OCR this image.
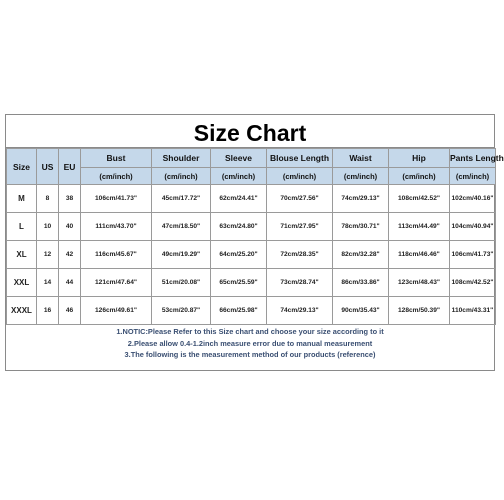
Size Chart
Size	US	EU	Bust	Shoulder	Sleeve	Blouse Length	Waist	Hip	Pants Length
			(cm/inch)	(cm/inch)	(cm/inch)	(cm/inch)	(cm/inch)	(cm/inch)	(cm/inch)
M	8	38	106cm/41.73"	45cm/17.72"	62cm/24.41"	70cm/27.56"	74cm/29.13"	108cm/42.52"	102cm/40.16"
L	10	40	111cm/43.70"	47cm/18.50"	63cm/24.80"	71cm/27.95"	78cm/30.71"	113cm/44.49"	104cm/40.94"
XL	12	42	116cm/45.67"	49cm/19.29"	64cm/25.20"	72cm/28.35"	82cm/32.28"	118cm/46.46"	106cm/41.73"
XXL	14	44	121cm/47.64"	51cm/20.08"	65cm/25.59"	73cm/28.74"	86cm/33.86"	123cm/48.43"	108cm/42.52"
XXXL	16	46	126cm/49.61"	53cm/20.87"	66cm/25.98"	74cm/29.13"	90cm/35.43"	128cm/50.39"	110cm/43.31"
1.NOTIC:Please Refer to this Size chart and choose your size according to it
2.Please allow 0.4-1.2inch measure error due to manual measurement
3.The following is the measurement method of our products (reference)
